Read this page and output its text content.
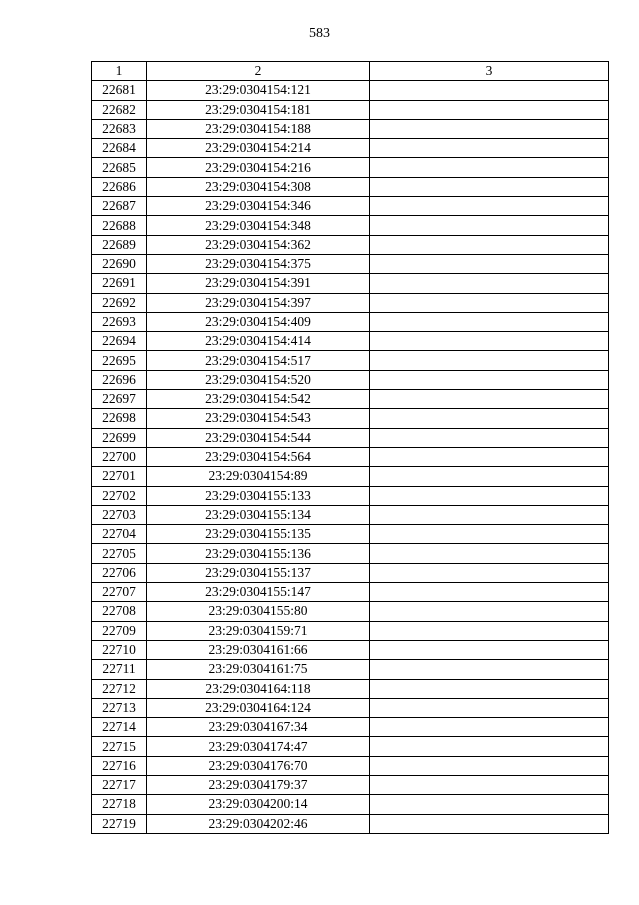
583
1	2	3
22681	23:29:0304154:121	
22682	23:29:0304154:181	
22683	23:29:0304154:188	
22684	23:29:0304154:214	
22685	23:29:0304154:216	
22686	23:29:0304154:308	
22687	23:29:0304154:346	
22688	23:29:0304154:348	
22689	23:29:0304154:362	
22690	23:29:0304154:375	
22691	23:29:0304154:391	
22692	23:29:0304154:397	
22693	23:29:0304154:409	
22694	23:29:0304154:414	
22695	23:29:0304154:517	
22696	23:29:0304154:520	
22697	23:29:0304154:542	
22698	23:29:0304154:543	
22699	23:29:0304154:544	
22700	23:29:0304154:564	
22701	23:29:0304154:89	
22702	23:29:0304155:133	
22703	23:29:0304155:134	
22704	23:29:0304155:135	
22705	23:29:0304155:136	
22706	23:29:0304155:137	
22707	23:29:0304155:147	
22708	23:29:0304155:80	
22709	23:29:0304159:71	
22710	23:29:0304161:66	
22711	23:29:0304161:75	
22712	23:29:0304164:118	
22713	23:29:0304164:124	
22714	23:29:0304167:34	
22715	23:29:0304174:47	
22716	23:29:0304176:70	
22717	23:29:0304179:37	
22718	23:29:0304200:14	
22719	23:29:0304202:46	
